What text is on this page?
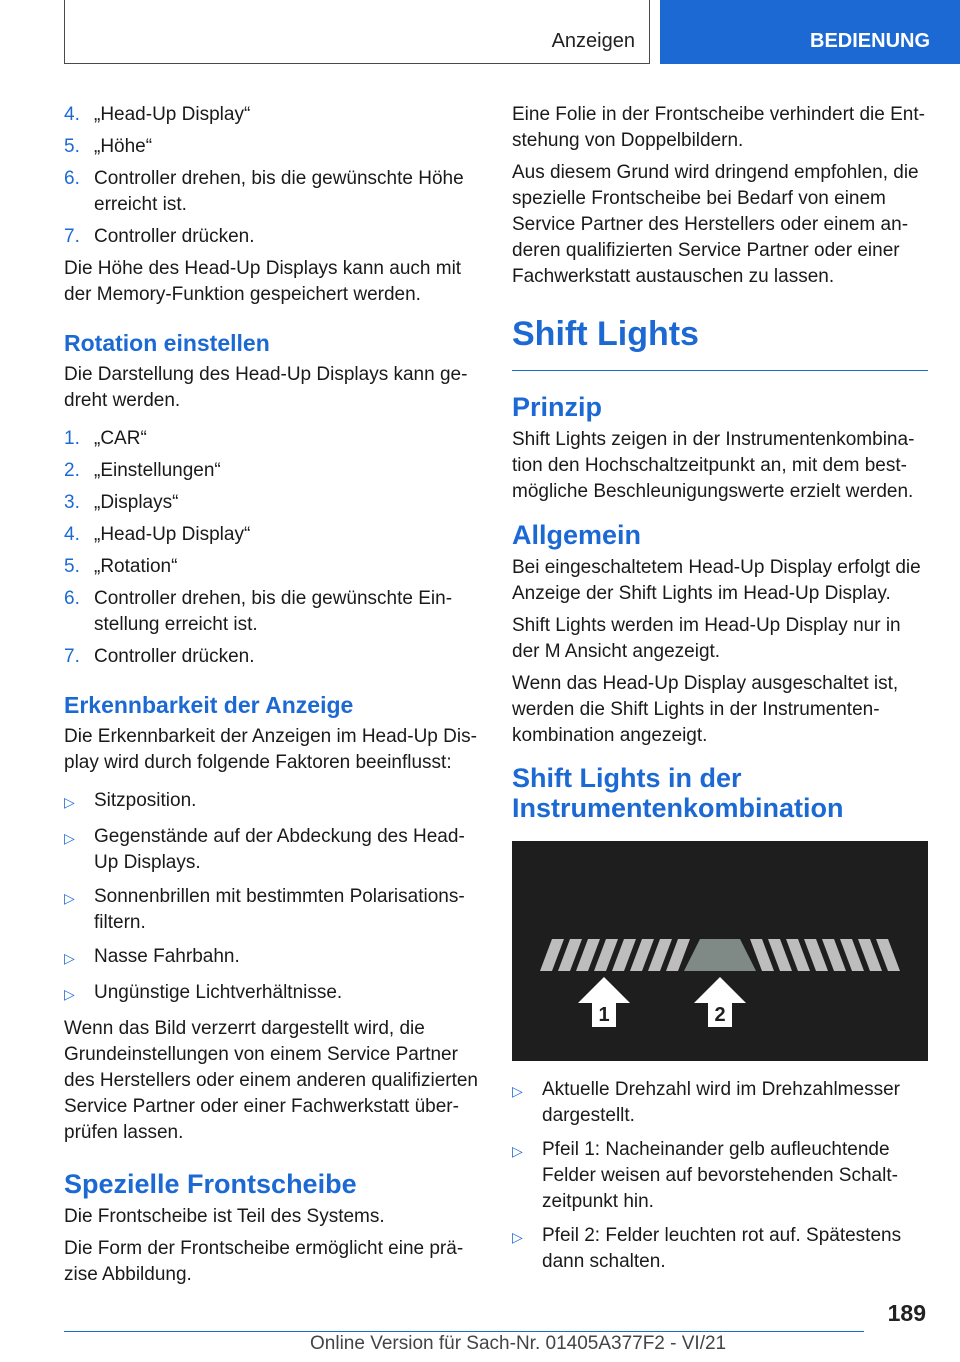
Anzeigen	BEDIENUNG
4. „Head-Up Display“
5. „Höhe“
6. Controller drehen, bis die gewünschte Höhe erreicht ist.
7. Controller drücken.

Die Höhe des Head-Up Displays kann auch mit der Memory-Funktion gespeichert werden.

Rotation einstellen

Die Darstellung des Head-Up Displays kann gedreht werden.

1. „CAR“
2. „Einstellungen“
3. „Displays“
4. „Head-Up Display“
5. „Rotation“
6. Controller drehen, bis die gewünschte Einstellung erreicht ist.
7. Controller drücken.
Erkennbarkeit der Anzeige

Die Erkennbarkeit der Anzeigen im Head-Up Display wird durch folgende Faktoren beeinflusst:

▷	Sitzposition.
▷	Gegenstände auf der Abdeckung des Head-Up Displays.
▷	Sonnenbrillen mit bestimmten Polarisationsfiltern.
▷	Nasse Fahrbahn.
▷	Ungünstige Lichtverhältnisse.

Wenn das Bild verzerrt dargestellt wird, die Grundeinstellungen von einem Service Partner des Herstellers oder einem anderen qualifizierten Service Partner oder einer Fachwerkstatt überprüfen lassen.

Spezielle Frontscheibe

Die Frontscheibe ist Teil des Systems.

Die Form der Frontscheibe ermöglicht eine präzise Abbildung.

Eine Folie in der Frontscheibe verhindert die Entstehung von Doppelbildern.

Aus diesem Grund wird dringend empfohlen, die spezielle Frontscheibe bei Bedarf von einem Service Partner des Herstellers oder einem anderen qualifizierten Service Partner oder einer Fachwerkstatt austauschen zu lassen.

Shift Lights
Prinzip

Shift Lights zeigen in der Instrumentenkombination den Hochschaltzeitpunkt an, mit dem bestmögliche Beschleunigungswerte erzielt werden.

Allgemein

Bei eingeschaltetem Head-Up Display erfolgt die Anzeige der Shift Lights im Head-Up Display.

Shift Lights werden im Head-Up Display nur in der M Ansicht angezeigt.

Wenn das Head-Up Display ausgeschaltet ist, werden die Shift Lights in der Instrumentenkombination angezeigt.

Shift Lights in der Instrumentenkombination
1	2
▷	Aktuelle Drehzahl wird im Drehzahlmesser dargestellt.
▷	Pfeil 1: Nacheinander gelb aufleuchtende Felder weisen auf bevorstehenden Schaltzeitpunkt hin.
▷	Pfeil 2: Felder leuchten rot auf. Spätestens dann schalten.
189
Online Version für Sach-Nr. 01405A377F2 - VI/21
